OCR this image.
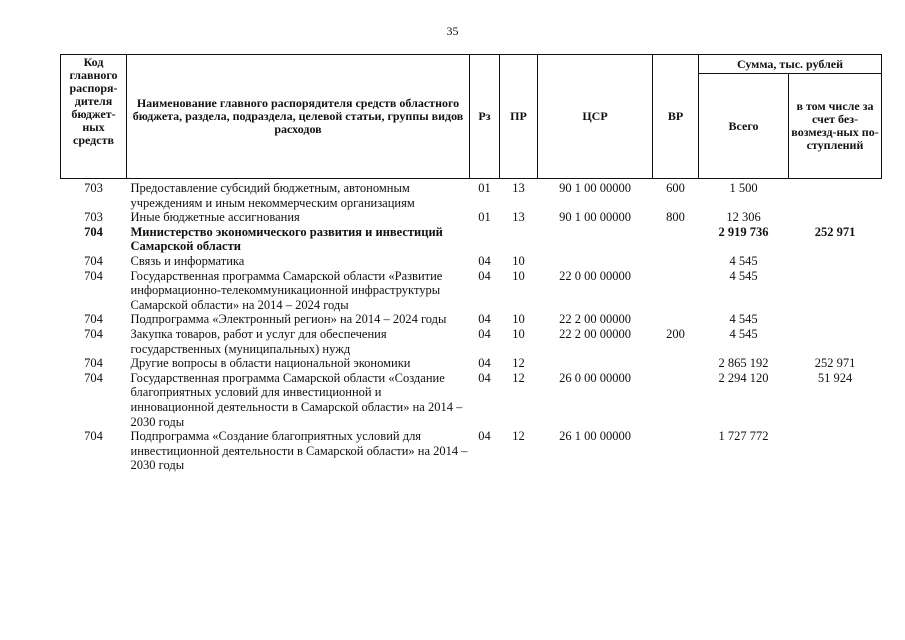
35
Код главного распоря-дителя бюджет-ных средств	Наименование главного распорядителя средств областного бюджета, раздела, подраздела, целевой статьи, группы видов расходов	Рз	ПР	ЦСР	ВР	Сумма, тыс. рублей	
						Всего	в том числе за счет без-возмезд-ных по-ступлений
703	Предоставление субсидий бюджетным, автономным учреждениям и иным некоммерческим организациям	01	13	90 1 00 00000	600	1 500	
703	Иные бюджетные ассигнования	01	13	90 1 00 00000	800	12 306	
704	Министерство экономического развития и инвестиций Самарской области					2 919 736	252 971
704	Связь и информатика	04	10			4 545	
704	Государственная программа Самарской области «Развитие информационно-телекоммуникационной инфраструктуры Самарской области» на 2014 – 2024 годы	04	10	22 0 00 00000		4 545	
704	Подпрограмма «Электронный регион» на 2014 – 2024 годы	04	10	22 2 00 00000		4 545	
704	Закупка товаров, работ и услуг для обеспечения государственных (муниципальных) нужд	04	10	22 2 00 00000	200	4 545	
704	Другие вопросы в области национальной экономики	04	12			2 865 192	252 971
704	Государственная программа Самарской области «Создание благоприятных условий для инвестиционной и инновационной деятельности в Самарской области» на 2014 – 2030 годы	04	12	26 0 00 00000		2 294 120	51 924
704	Подпрограмма «Создание благоприятных условий для инвестиционной деятельности в Самарской области» на 2014 – 2030 годы	04	12	26 1 00 00000		1 727 772	
